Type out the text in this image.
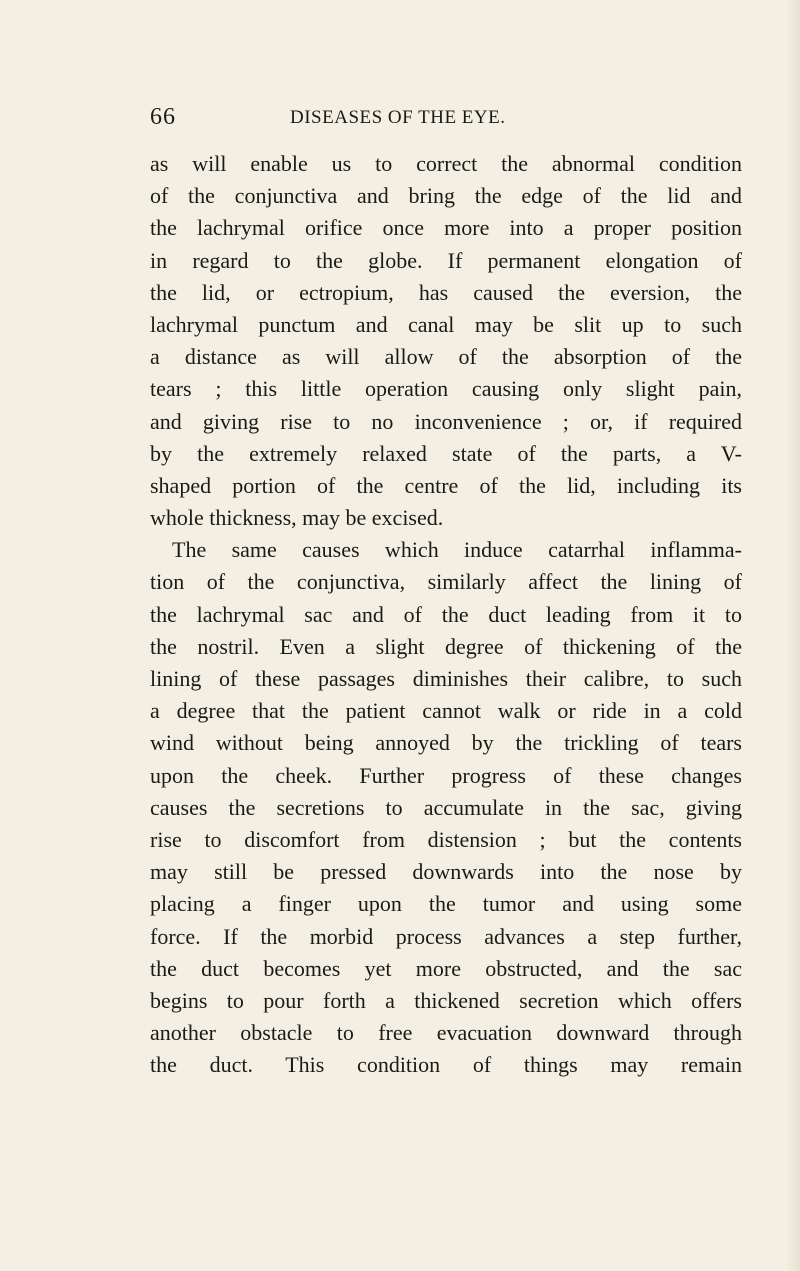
66	DISEASES OF THE EYE.
as will enable us to correct the abnormal condition
of the conjunctiva and bring the edge of the lid and
the lachrymal orifice once more into a proper position
in regard to the globe. If permanent elongation of
the lid, or ectropium, has caused the eversion, the
lachrymal punctum and canal may be slit up to such
a distance as will allow of the absorption of the
tears ; this little operation causing only slight pain,
and giving rise to no inconvenience ; or, if required
by the extremely relaxed state of the parts, a V-
shaped portion of the centre of the lid, including its
whole thickness, may be excised.
The same causes which induce catarrhal inflamma-
tion of the conjunctiva, similarly affect the lining of
the lachrymal sac and of the duct leading from it to
the nostril. Even a slight degree of thickening of the
lining of these passages diminishes their calibre, to such
a degree that the patient cannot walk or ride in a cold
wind without being annoyed by the trickling of tears
upon the cheek. Further progress of these changes
causes the secretions to accumulate in the sac, giving
rise to discomfort from distension ; but the contents
may still be pressed downwards into the nose by
placing a finger upon the tumor and using some
force. If the morbid process advances a step further,
the duct becomes yet more obstructed, and the sac
begins to pour forth a thickened secretion which offers
another obstacle to free evacuation downward through
the duct. This condition of things may remain
